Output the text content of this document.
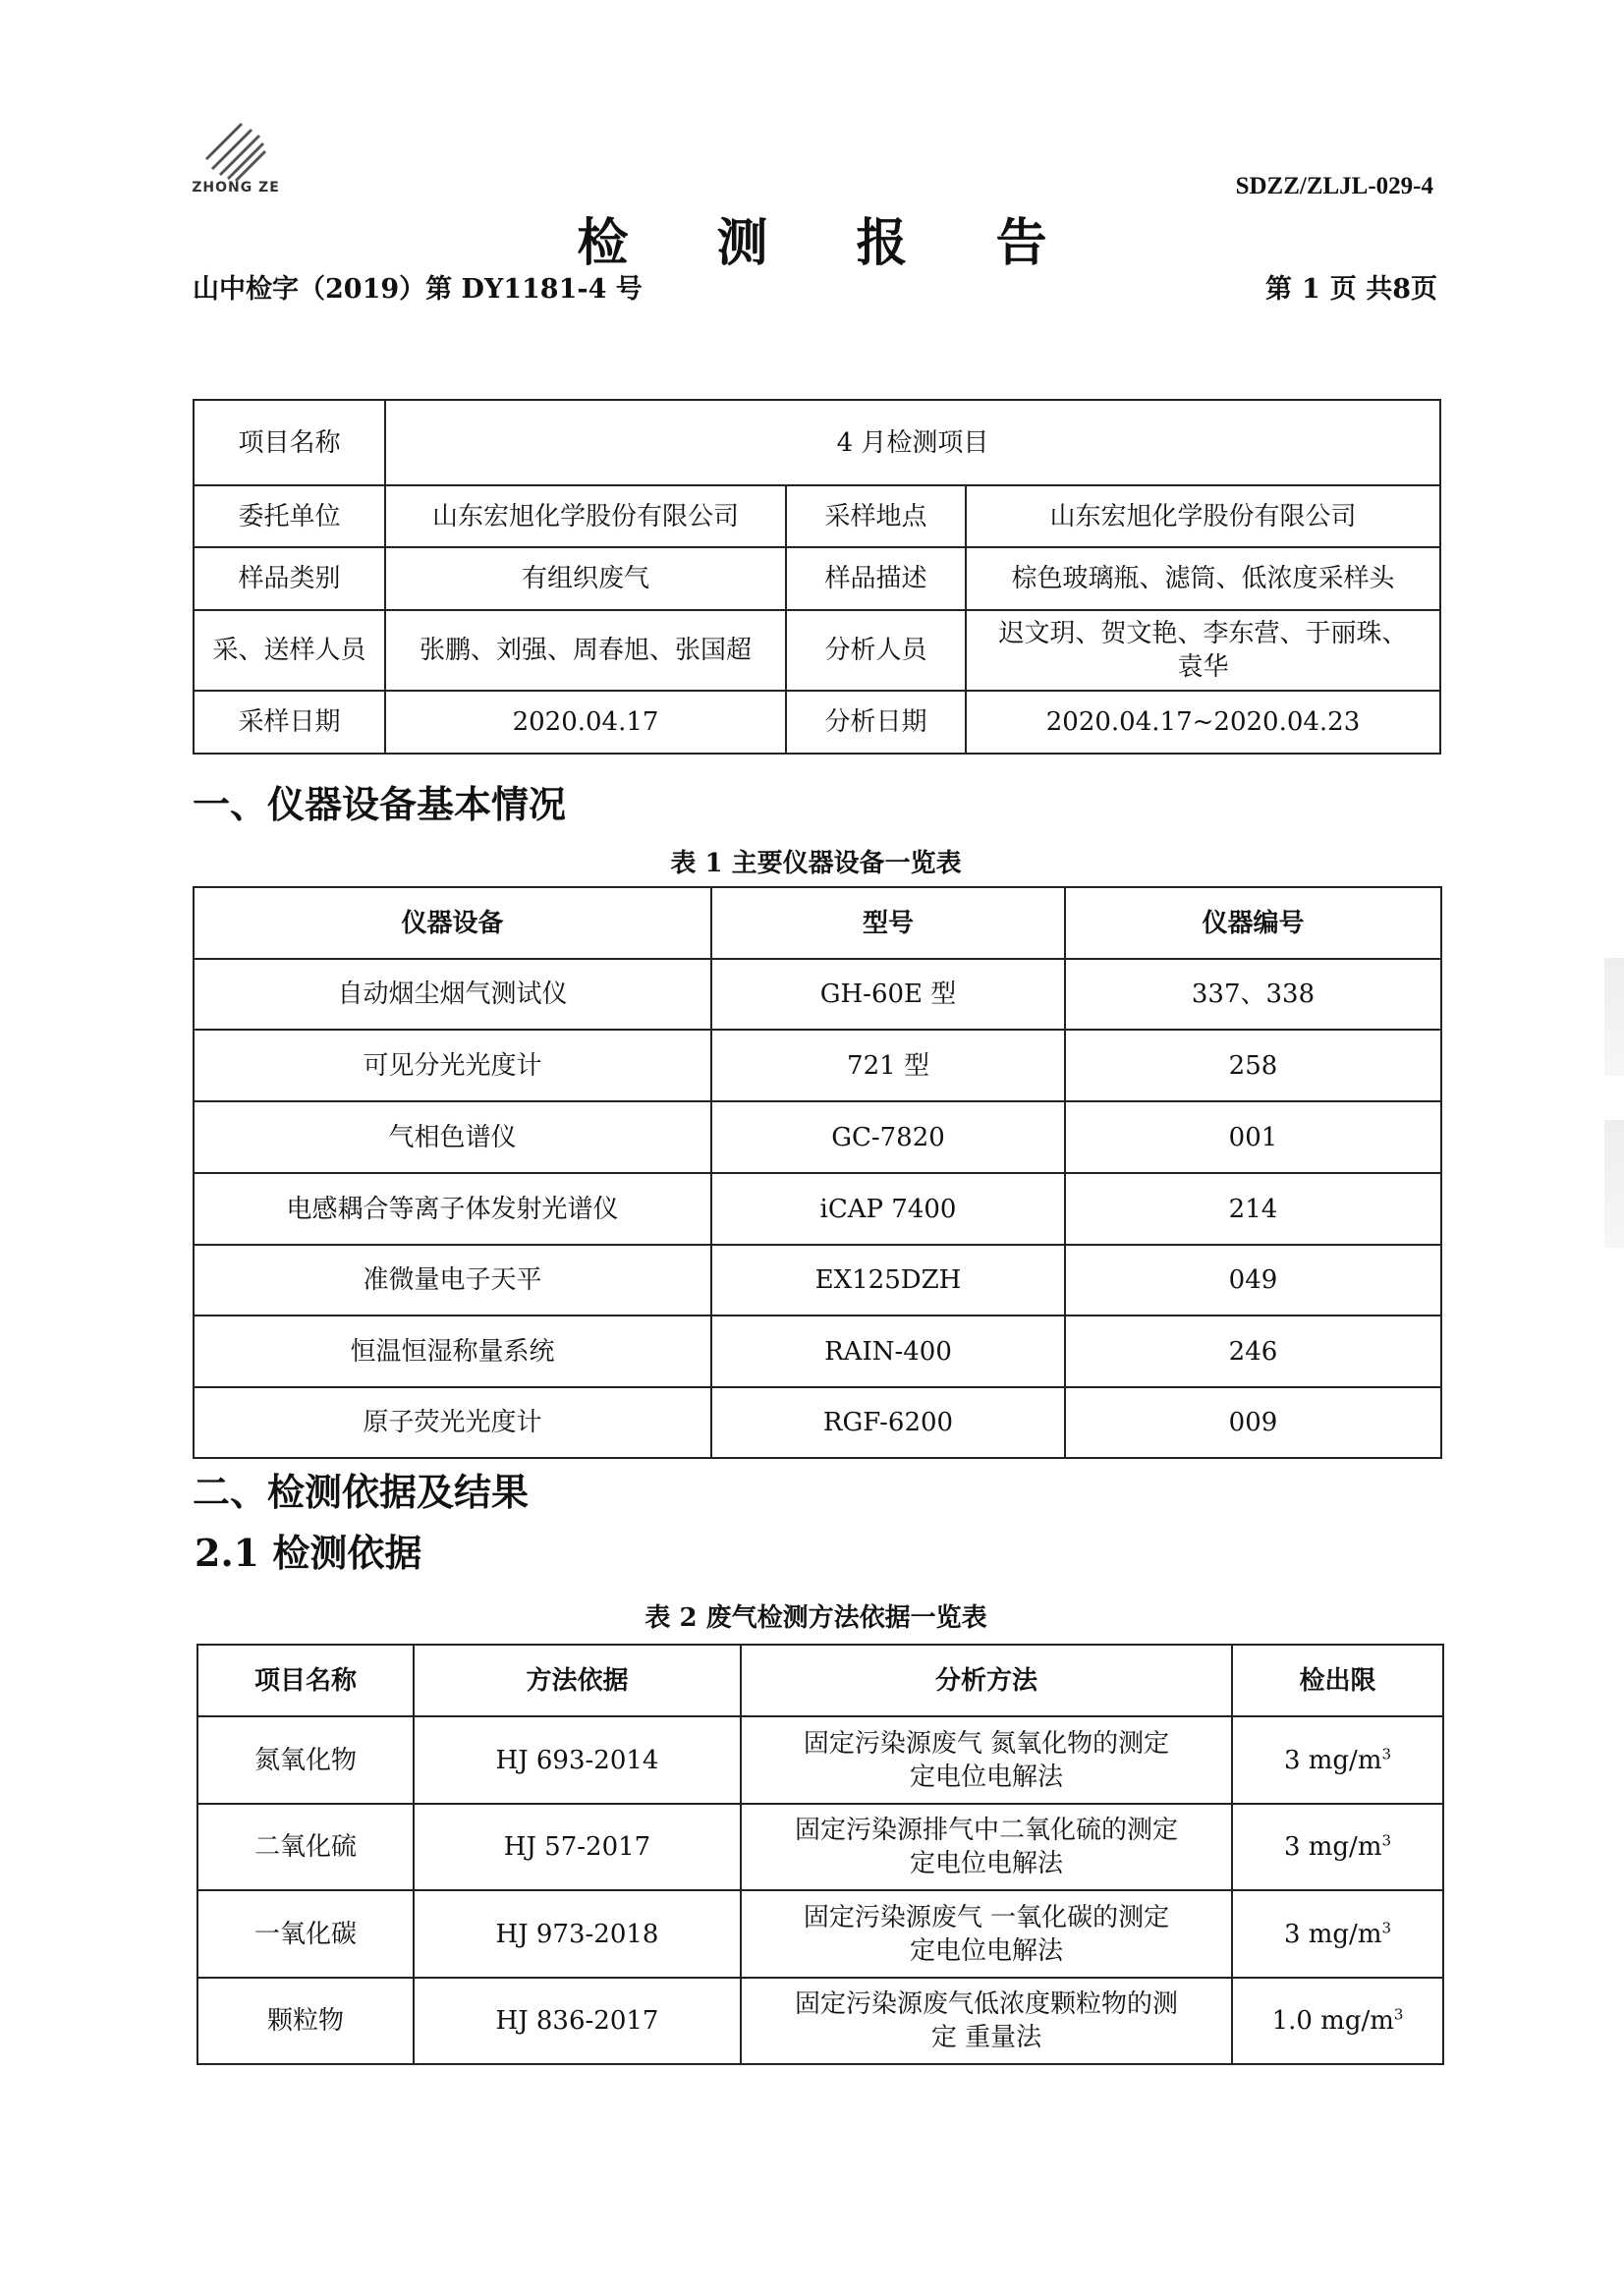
ZHONG ZE	SDZZ/ZLJL-029-4
检 测 报 告
山中检字（2019）第 DY1181-4 号	第 1 页 共8页
项目名称	4 月检测项目		
委托单位	山东宏旭化学股份有限公司	采样地点	山东宏旭化学股份有限公司
样品类别	有组织废气	样品描述	棕色玻璃瓶、滤筒、低浓度采样头
采、送样人员	张鹏、刘强、周春旭、张国超	分析人员	迟文玥、贺文艳、李东营、于丽珠、
袁华

采样日期	2020.04.17	分析日期	2020.04.17~2020.04.23
一、仪器设备基本情况
表 1 主要仪器设备一览表
仪器设备	型号	仪器编号
自动烟尘烟气测试仪	GH-60E 型	337、338
可见分光光度计	721 型	258
气相色谱仪	GC-7820	001
电感耦合等离子体发射光谱仪	iCAP 7400	214
准微量电子天平	EX125DZH	049
恒温恒湿称量系统	RAIN-400	246
原子荧光光度计	RGF-6200	009
二、检测依据及结果
2.1 检测依据
表 2 废气检测方法依据一览表
项目名称	方法依据	分析方法	检出限
氮氧化物	HJ 693-2014	固定污染源废气 氮氧化物的测定
定电位电解法	3 $mg/m^3$
二氧化硫	HJ 57-2017	固定污染源排气中二氧化硫的测定
定电位电解法	3 $mg/m^3$
一氧化碳	HJ 973-2018	固定污染源废气 一氧化碳的测定
定电位电解法	3 $mg/m^3$
颗粒物	HJ 836-2017	固定污染源废气低浓度颗粒物的测
定 重量法	1.0 $mg/m^3$
